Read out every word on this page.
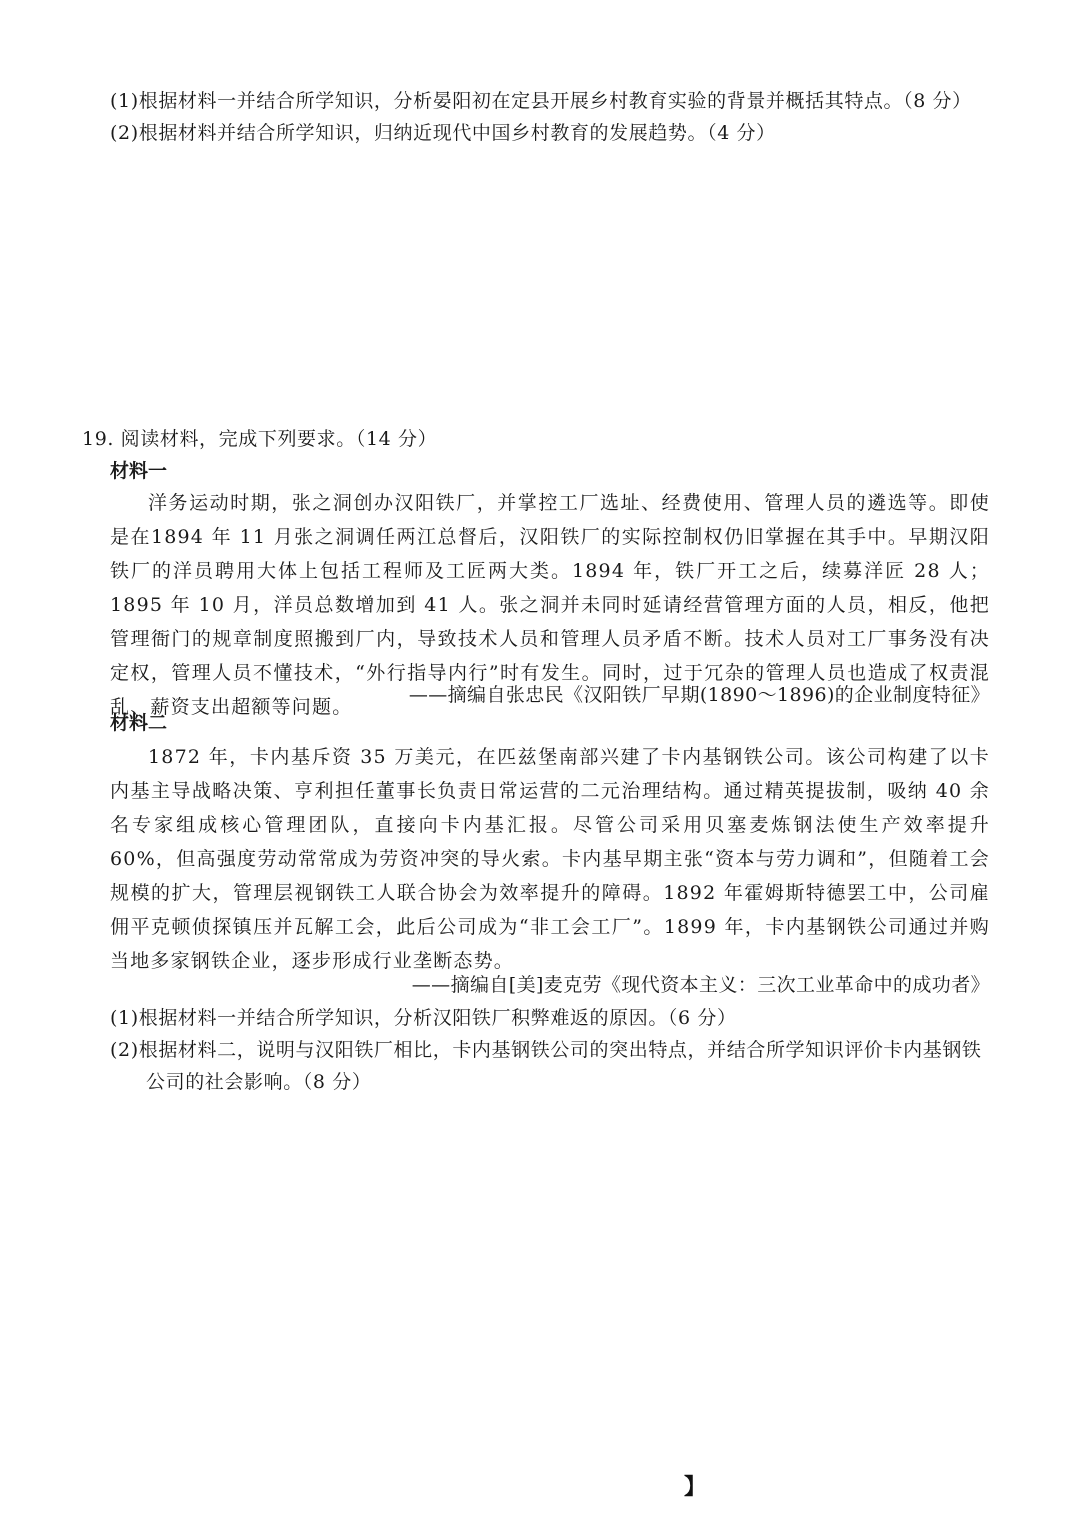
(1)根据材料一并结合所学知识，分析晏阳初在定县开展乡村教育实验的背景并概括其特点。（8 分）
(2)根据材料并结合所学知识，归纳近现代中国乡村教育的发展趋势。（4 分）
19. 阅读材料，完成下列要求。（14 分）
材料一

洋务运动时期，张之洞创办汉阳铁厂，并掌控工厂选址、经费使用、管理人员的遴选等。即使是在1894 年 11 月张之洞调任两江总督后，汉阳铁厂的实际控制权仍旧掌握在其手中。早期汉阳铁厂的洋员聘用大体上包括工程师及工匠两大类。1894 年，铁厂开工之后，续募洋匠 28 人；1895 年 10 月，洋员总数增加到 41 人。张之洞并未同时延请经营管理方面的人员，相反，他把管理衙门的规章制度照搬到厂内，导致技术人员和管理人员矛盾不断。技术人员对工厂事务没有决定权，管理人员不懂技术，“外行指导内行”时有发生。同时，过于冗杂的管理人员也造成了权责混乱、薪资支出超额等问题。

——摘编自张忠民《汉阳铁厂早期(1890～1896)的企业制度特征》
材料二

1872 年，卡内基斥资 35 万美元，在匹兹堡南部兴建了卡内基钢铁公司。该公司构建了以卡内基主导战略决策、亨利担任董事长负责日常运营的二元治理结构。通过精英提拔制，吸纳 40 余名专家组成核心管理团队，直接向卡内基汇报。尽管公司采用贝塞麦炼钢法使生产效率提升 60%，但高强度劳动常常成为劳资冲突的导火索。卡内基早期主张“资本与劳力调和”，但随着工会规模的扩大，管理层视钢铁工人联合协会为效率提升的障碍。1892 年霍姆斯特德罢工中，公司雇佣平克顿侦探镇压并瓦解工会，此后公司成为“非工会工厂”。1899 年，卡内基钢铁公司通过并购当地多家钢铁企业，逐步形成行业垄断态势。

——摘编自[美]麦克劳《现代资本主义：三次工业革命中的成功者》
(1)根据材料一并结合所学知识，分析汉阳铁厂积弊难返的原因。（6 分）
(2)根据材料二，说明与汉阳铁厂相比，卡内基钢铁公司的突出特点，并结合所学知识评价卡内基钢铁公司的社会影响。（8 分）
】
